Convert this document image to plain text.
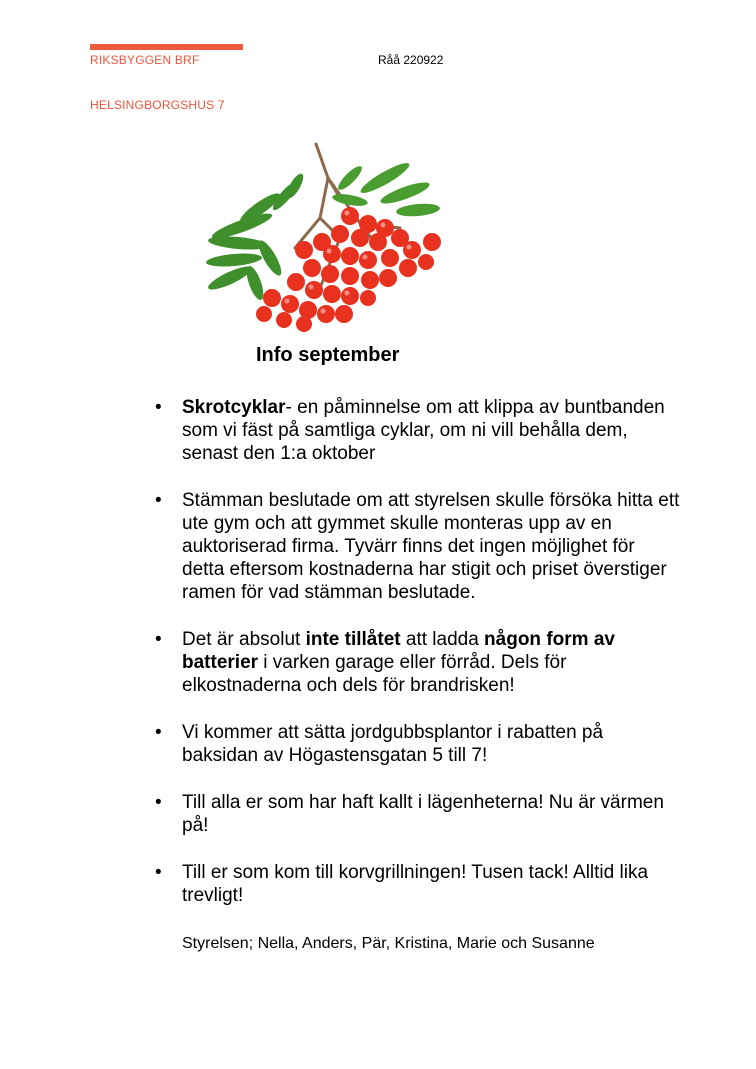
RIKSBYGGEN BRF	Råå 220922
HELSINGBORGSHUS 7
Info september
• Skrotcyklar- en påminnelse om att klippa av buntbanden som vi fäst på samtliga cyklar, om ni vill behålla dem, senast den 1:a oktober
• Stämman beslutade om att styrelsen skulle försöka hitta ett ute gym och att gymmet skulle monteras upp av en auktoriserad firma. Tyvärr finns det ingen möjlighet för detta eftersom kostnaderna har stigit och priset överstiger ramen för vad stämman beslutade.
• Det är absolut inte tillåtet att ladda någon form av batterier i varken garage eller förråd. Dels för elkostnaderna och dels för brandrisken!
• Vi kommer att sätta jordgubbsplantor i rabatten på baksidan av Högastensgatan 5 till 7!
• Till alla er som har haft kallt i lägenheterna! Nu är värmen på!
• Till er som kom till korvgrillningen! Tusen tack! Alltid lika trevligt!
Styrelsen; Nella, Anders, Pär, Kristina, Marie och Susanne
